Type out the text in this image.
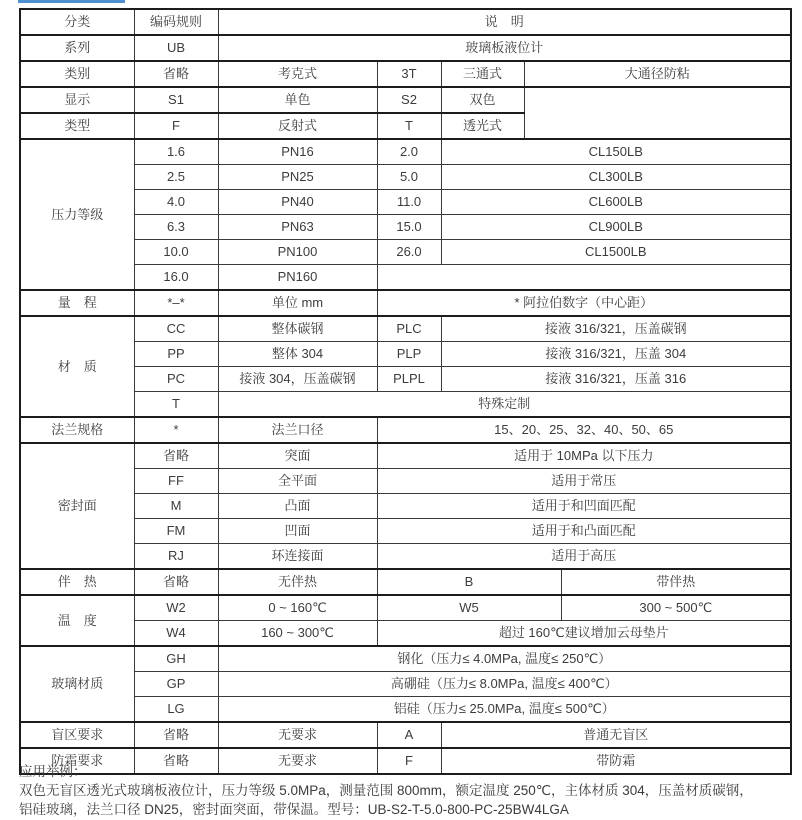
分类	编码规则	说　明				
系列	UB	玻璃板液位计				
类别	省略	考克式	3T	三通式	大通径防粘	
显示	S1	单色	S2	双色		
类型	F	反射式	T	透光式		
压力等级	1.6	PN16	2.0	CL150LB		
	2.5	PN25	5.0	CL300LB		
	4.0	PN40	11.0	CL600LB		
	6.3	PN63	15.0	CL900LB		
	10.0	PN100	26.0	CL1500LB		
	16.0	PN160				
量　程	*–*	单位 mm	* 阿拉伯数字（中心距）			
材　质	CC	整体碳钢	PLC	接液 316/321，压盖碳钢		
	PP	整体 304	PLP	接液 316/321，压盖 304		
	PC	接液 304，压盖碳钢	PLPL	接液 316/321，压盖 316		
	T	特殊定制				
法兰规格	*	法兰口径	15、20、25、32、40、50、65			
密封面	省略	突面	适用于 10MPa 以下压力			
	FF	全平面	适用于常压			
	M	凸面	适用于和凹面匹配			
	FM	凹面	适用于和凸面匹配			
	RJ	环连接面	适用于高压			
伴　热	省略	无伴热	B			带伴热
温　度	W2	0 ~ 160℃	W5			300 ~ 500℃
	W4	160 ~ 300℃	超过 160℃建议增加云母垫片			
玻璃材质	GH	钢化（压力≤ 4.0MPa, 温度≤ 250℃）				
	GP	高硼硅（压力≤ 8.0MPa, 温度≤ 400℃）				
	LG	铝硅（压力≤ 25.0MPa, 温度≤ 500℃）				
盲区要求	省略	无要求	A	普通无盲区		
防霜要求	省略	无要求	F	带防霜		
应用举例：
双色无盲区透光式玻璃板液位计，压力等级 5.0MPa，测量范围 800mm，额定温度 250℃，主体材质 304，压盖材质碳钢，
铝硅玻璃，法兰口径 DN25，密封面突面，带保温。型号：UB-S2-T-5.0-800-PC-25BW4LGA
